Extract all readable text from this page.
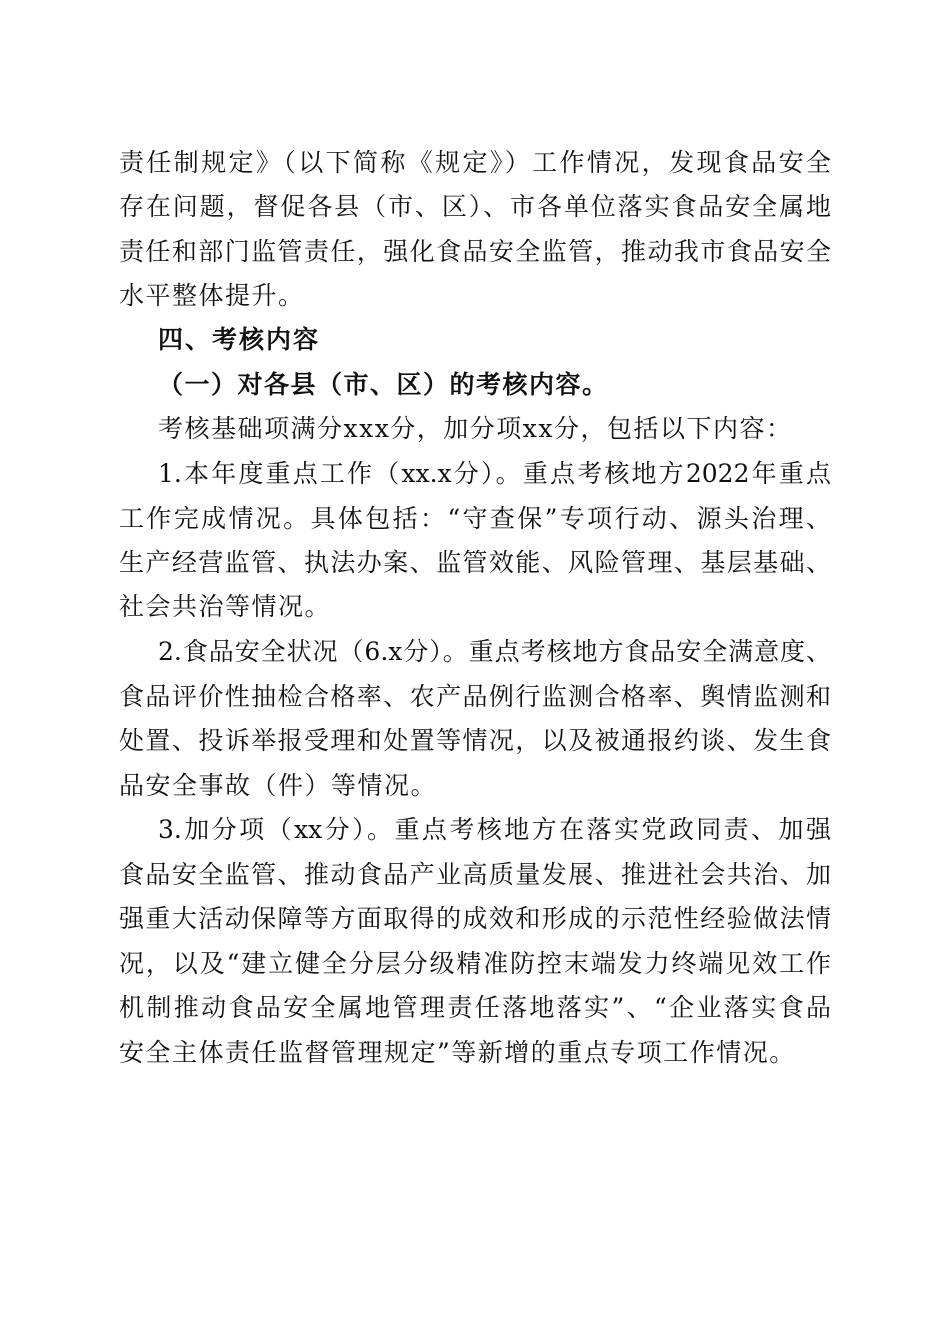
责任制规定》（以下简称《规定》）工作情况，发现食品安全
存在问题，督促各县（市、区）、市各单位落实食品安全属地
责任和部门监管责任，强化食品安全监管，推动我市食品安全
水平整体提升。
四、考核内容
（一）对各县（市、区）的考核内容。
考核基础项满分xxx分，加分项xx分，包括以下内容：
1.本年度重点工作（xx.x分）。重点考核地方2022年重点
工作完成情况。具体包括：“守查保”专项行动、源头治理、
生产经营监管、执法办案、监管效能、风险管理、基层基础、
社会共治等情况。
2.食品安全状况（6.x分）。重点考核地方食品安全满意度、
食品评价性抽检合格率、农产品例行监测合格率、舆情监测和
处置、投诉举报受理和处置等情况，以及被通报约谈、发生食
品安全事故（件）等情况。
3.加分项（xx分）。重点考核地方在落实党政同责、加强
食品安全监管、推动食品产业高质量发展、推进社会共治、加
强重大活动保障等方面取得的成效和形成的示范性经验做法情
况，以及“建立健全分层分级精准防控末端发力终端见效工作
机制推动食品安全属地管理责任落地落实”、“企业落实食品
安全主体责任监督管理规定”等新增的重点专项工作情况。
